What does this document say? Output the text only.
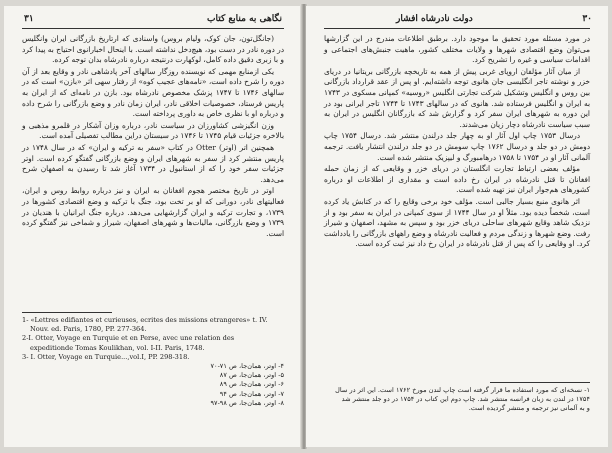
۳۱	نگاهی به منابع کتاب

(جانگل‌تون، جان کوک، ولیام بروس) واسنادی‌ که‌ ارتاریخ‌ بازرگانی ایران وانگلیس در دوره نادر در دست بود، هیچ‌دخل‌ نداشته‌ است. با اینحال اخبارانوی احتیاج به‌ پیدا کرد و با زبری دقیق‌ داده کامل، لوکهارت درنتیجه درباره نادرشاه بدان توجه کرده.

یکی ازمنابع مهمی که نویسنده روزگار سالهای آخر پادشاهی نادر و وقایع بعد از آن دوره را شرح داده است، «نامه‌های عجیب کوه» از رفتار سهی اثر «بازن» است که در سالهای ۱۷۴۶ تا ۱۷۴۷ پزشک مخصوص نادرشاه بود. بازن در نامه‌ای که از ایران به‌ پاریس فرستاد، خصوصیات اخلاقی نادر، ایران زمان نادر و وضع بازرگانی را شرح داده و درباره او با نظری خاص به‌ داوری پرداخته‌ است.

وزن انگیزشی کشاورزان در سیاست نادر، درباره وزان آشکار در قلمرو مذهبی و بالاخره جزئیات قیام ۱۷۴۵ تا ۱۷۴۶ در سیستان دراین مطالب تفصیلی آمده است.

همچنین اتر (اوتر) Otter در کتاب «سفر به ترکیه و ایران» که در سال ۱۷۴۸ در پاریس منتشر کرد از سفر به‌ شهرهای ایران و وضع بازرگانی گفتگو کرده است. اوتر جزئیات سفر خود را که از استانبول در ۱۷۳۴ آغاز شد تا رسیدن به‌ اصفهان شرح می‌دهد.

اوتر در تاریخ مختصر هجوم افغانان به‌ ایران و نیز درباره روابط روس و ایران، فعالیتهای نادر، دورانی که او بر تخت بود، جنگ با ترکیه و وضع اقتصادی کشورها در ۱۷۳۹، و تجارت ترکیه و ایران گزارشهایی می‌دهد. درباره جنگ ایرانیان با هندیان در ۱۷۳۹ و وضع بازرگانی، مالیات‌ها و شهرهای اصفهان، شیراز و شماخی نیز گفتگو کرده است.

1- «Lettres edifiantes et curieuses, ecrites des missions etrangeres» t. IV.
Nouv. ed. Paris, 1780, PP. 277-364.
2-I. Otter, Voyage en Turquie et en Perse, avec une relation des
expeditionde Tomas Koulikhan, vol. I-II. Paris, 1748.
3- I. Otter, Voyage en Turquie...,vol.I, PP. 298-318.
۴- اوتر، همان‌جا، ص ۷۱-۷۰
۵- اوتر، همان‌جا، ص ۸۷
۶- اوتر، همان‌جا، ص ۸۹
۷- اوتر، همان‌جا، ص ۹۴
۸- اوتر، همان‌جا، ص ۹۸-۹۷
دولت نادرشاه افشار	۳۰

در مورد مسئله مورد تحقیق ما موجود دارد. برطبق اطلاعات مندرج در این گزارشها می‌توان وضع اقتصادی شهرها و ولایات مختلف کشور، ماهیت جنبش‌های اجتماعی و اقدامات سیاسی و غیره را تشریح کرد.

از میان آثار مؤلفان اروپای غربی پیش از همه به تاریخچه بازرگانی بریتانیا در دریای خزر و نوشته تاجر انگلیسی جان هانوی توجه داشته‌ایم. او پس از عقد قرارداد بازرگانی بین روس و انگلیس وتشکیل شرکت تجارتی انگلیس «روسیه» کمپانی مسکوی در ۱۷۴۳ به‌ ایران و انگلیس فرستاده شد. هانوی که در سالهای ۱۷۴۳ تا ۱۷۴۴ تاجر ایرانی بود در این دوره به‌ شهرهای ایران سفر کرد و گزارش شد که بازرگانان انگلیس در ایران به‌ سبب سیاست نادرشاه دچار زیان می‌شدند.

درسال ۱۷۵۳ چاپ اول آثار او به‌ چهار جلد درلندن منتشر شد. درسال ۱۷۵۴ چاپ دومش در دو جلد و درسال ۱۷۶۲ چاپ سومش در دو جلد درلندن انتشار یافت. ترجمه آلمانی آثار او در ۱۷۵۴ تا ۱۷۵۸ درهامبورگ و لیپزیک منتشر شده‌ است.

مؤلف بعضی ارتباط تجارت انگلستان در دریای خزر و وقایعی که از زمان حمله افغانان تا قتل نادرشاه در ایران رخ داده است و مقداری از اطلاعات او درباره کشورهای هم‌جوار ایران نیز تهیه شده است.

اثر هانوی منبع بسیار جالبی است. مؤلف‌ خود برخی وقایع را که در کتابش یاد کرده است، شخصاً دیده بود. مثلاً او در سال ۱۷۴۴ از سوی کمپانی در ایران به‌ سفر بود و از نزدیک شاهد وقایع شهرهای ساحلی دریای خزر بود و سپس به‌ مشهد، اصفهان و شیراز رفت. وضع شهرها و زندگی مردم و فعالیت نادرشاه و وضع راههای بازرگانی را یادداشت کرد. او وقایعی را که پس از قتل نادرشاه در ایران رخ داد نیز ثبت کرده است.

۱- نسخه‌ای که مورد استفاده ما قرار گرفته‌ است چاپ لندن مورخ ۱۷۶۲ است. این اثر در سال
۱۷۵۴ در لندن به‌ زبان فرانسه منتشر شد. چاپ دوم این کتاب در ۱۷۵۴ در دو جلد منتشر شد
و به‌ آلمانی نیز ترجمه و منتشر گردیده است.
